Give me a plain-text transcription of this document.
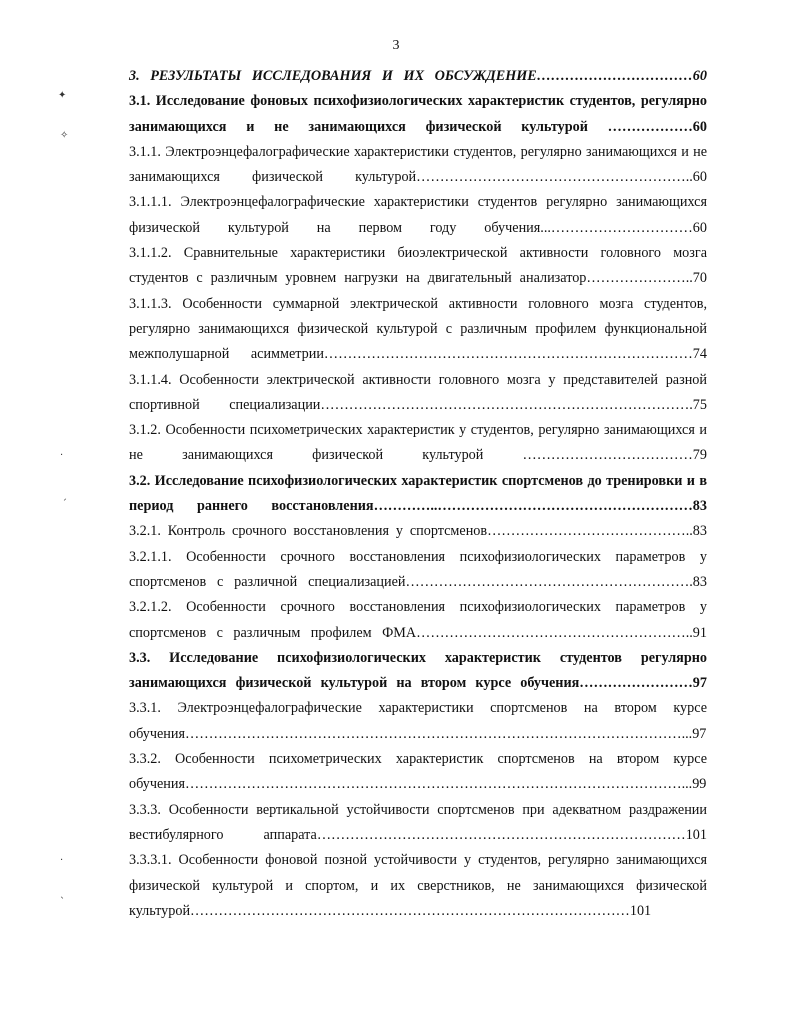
3
✦
✧
·
ˏ
·
ˎ

3. РЕЗУЛЬТАТЫ ИССЛЕДОВАНИЯ И ИХ ОБСУЖДЕНИЕ……………………………60

3.1. Исследование фоновых психофизиологических характеристик студентов, регулярно занимающихся и не занимающихся физической культурой ………………60

3.1.1. Электроэнцефалографические характеристики студентов, регулярно занимающихся и не занимающихся физической культурой…………………………………………………..60

3.1.1.1. Электроэнцефалографические характеристики студентов регулярно занимающихся физической культурой на первом году обучения...…………………………60

3.1.1.2. Сравнительные характеристики биоэлектрической активности головного мозга студентов с различным уровнем нагрузки на двигательный анализатор…………………..70

3.1.1.3. Особенности суммарной электрической активности головного мозга студентов, регулярно занимающихся физической культурой с различным профилем функциональной межполушарной асимметрии……………………………………………………………………74

3.1.1.4. Особенности электрической активности головного мозга у представителей разной спортивной специализации…………………………………………………………………….75

3.1.2. Особенности психометрических характеристик у студентов, регулярно занимающихся и не занимающихся физической культурой ………………………………79

3.2. Исследование психофизиологических характеристик спортсменов до тренировки и в период раннего восстановления…………..………………………………………………83

3.2.1. Контроль срочного восстановления у спортсменов……………………………………..83

3.2.1.1. Особенности срочного восстановления психофизиологических параметров у спортсменов с различной специализацией…………………………………………………….83

3.2.1.2. Особенности срочного восстановления психофизиологических параметров у спортсменов с различным профилем ФМА…………………………………………………..91

3.3. Исследование психофизиологических характеристик студентов регулярно занимающихся физической культурой на втором курсе обучения……………………97

3.3.1. Электроэнцефалографические характеристики спортсменов на втором курсе обучения……………………………………………………………………………………………...97

3.3.2. Особенности психометрических характеристик спортсменов на втором курсе обучения……………………………………………………………………………………………...99

3.3.3. Особенности вертикальной устойчивости спортсменов при адекватном раздражении вестибулярного аппарата……………………………………………………………………101

3.3.3.1. Особенности фоновой позной устойчивости у студентов, регулярно занимающихся физической культурой и спортом, и их сверстников, не занимающихся физической культурой…………………………………………………………………………………101
